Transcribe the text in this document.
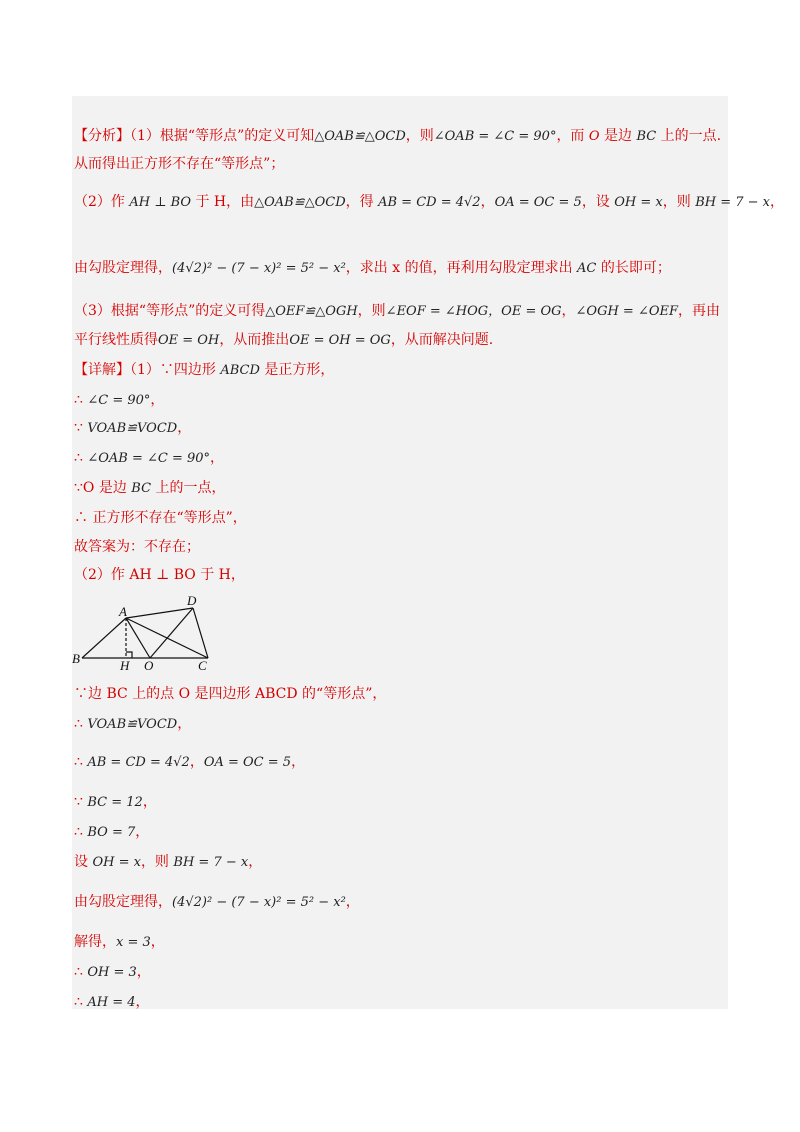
【分析】（1）根据“等形点”的定义可知△OAB≌△OCD，则∠OAB = ∠C = 90°，而 O 是边 BC 上的一点.
从而得出正方形不存在“等形点”；
（2）作 AH ⊥ BO 于 H，由△OAB≌△OCD，得 AB = CD = 4√2，OA = OC = 5，设 OH = x，则 BH = 7 − x，
由勾股定理得，(4√2)² − (7 − x)² = 5² − x²，求出 x 的值，再利用勾股定理求出 AC 的长即可；
（3）根据“等形点”的定义可得△OEF≌△OGH，则∠EOF = ∠HOG，OE = OG，∠OGH = ∠OEF，再由
平行线性质得OE = OH，从而推出OE = OH = OG，从而解决问题.
【详解】（1）∵四边形 ABCD 是正方形，
∴ ∠C = 90°，
∵ VOAB≌VOCD，
∴ ∠OAB = ∠C = 90°，
∵O 是边 BC 上的一点，
∴ 正方形不存在“等形点”，
故答案为：不存在；
（2）作 AH ⊥ BO 于 H，
A
B	C
D
H O
∵边 BC 上的点 O 是四边形 ABCD 的“等形点”，
∴ VOAB≌VOCD，
∴ AB = CD = 4√2，OA = OC = 5，
∵ BC = 12，
∴ BO = 7，
设 OH = x，则 BH = 7 − x，
由勾股定理得，(4√2)² − (7 − x)² = 5² − x²，
解得，x = 3，
∴ OH = 3，
∴ AH = 4，
